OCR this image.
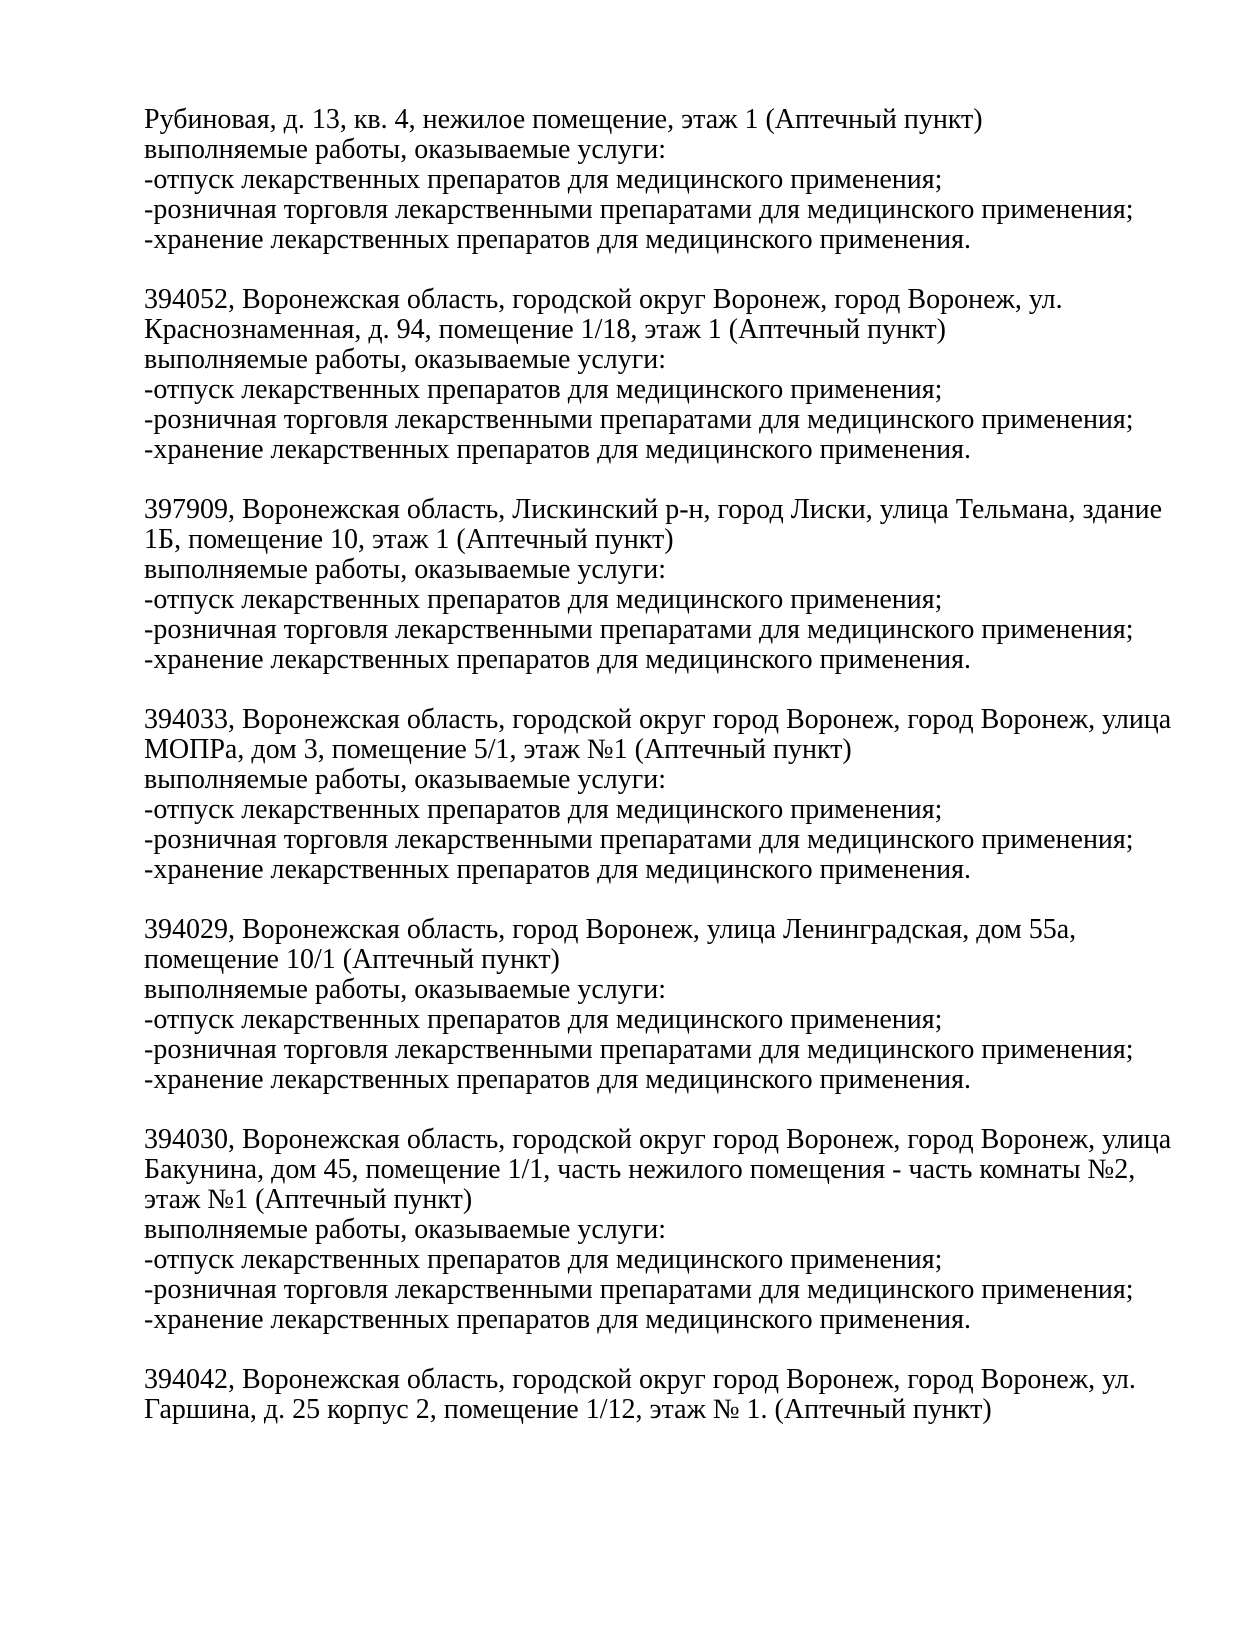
Рубиновая, д. 13, кв. 4, нежилое помещение, этаж 1 (Аптечный пункт)
выполняемые работы, оказываемые услуги:
-отпуск лекарственных препаратов для медицинского применения;
-розничная торговля лекарственными препаратами для медицинского применения;
-хранение лекарственных препаратов для медицинского применения.
394052, Воронежская область, городской округ Воронеж, город Воронеж, ул. Краснознаменная, д. 94, помещение 1/18, этаж 1 (Аптечный пункт)
выполняемые работы, оказываемые услуги:
-отпуск лекарственных препаратов для медицинского применения;
-розничная торговля лекарственными препаратами для медицинского применения;
-хранение лекарственных препаратов для медицинского применения.
397909, Воронежская область, Лискинский р-н, город Лиски, улица Тельмана, здание 1Б, помещение 10, этаж 1 (Аптечный пункт)
выполняемые работы, оказываемые услуги:
-отпуск лекарственных препаратов для медицинского применения;
-розничная торговля лекарственными препаратами для медицинского применения;
-хранение лекарственных препаратов для медицинского применения.
394033, Воронежская область, городской округ город Воронеж, город Воронеж, улица МОПРа, дом 3, помещение 5/1, этаж №1 (Аптечный пункт)
выполняемые работы, оказываемые услуги:
-отпуск лекарственных препаратов для медицинского применения;
-розничная торговля лекарственными препаратами для медицинского применения;
-хранение лекарственных препаратов для медицинского применения.
394029, Воронежская область, город Воронеж, улица Ленинградская, дом 55а, помещение 10/1 (Аптечный пункт)
выполняемые работы, оказываемые услуги:
-отпуск лекарственных препаратов для медицинского применения;
-розничная торговля лекарственными препаратами для медицинского применения;
-хранение лекарственных препаратов для медицинского применения.
394030, Воронежская область, городской округ город Воронеж, город Воронеж, улица Бакунина, дом 45, помещение 1/1, часть нежилого помещения - часть комнаты №2, этаж №1 (Аптечный пункт)
выполняемые работы, оказываемые услуги:
-отпуск лекарственных препаратов для медицинского применения;
-розничная торговля лекарственными препаратами для медицинского применения;
-хранение лекарственных препаратов для медицинского применения.
394042, Воронежская область, городской округ город Воронеж, город Воронеж, ул. Гаршина, д. 25 корпус 2, помещение 1/12, этаж № 1. (Аптечный пункт)
